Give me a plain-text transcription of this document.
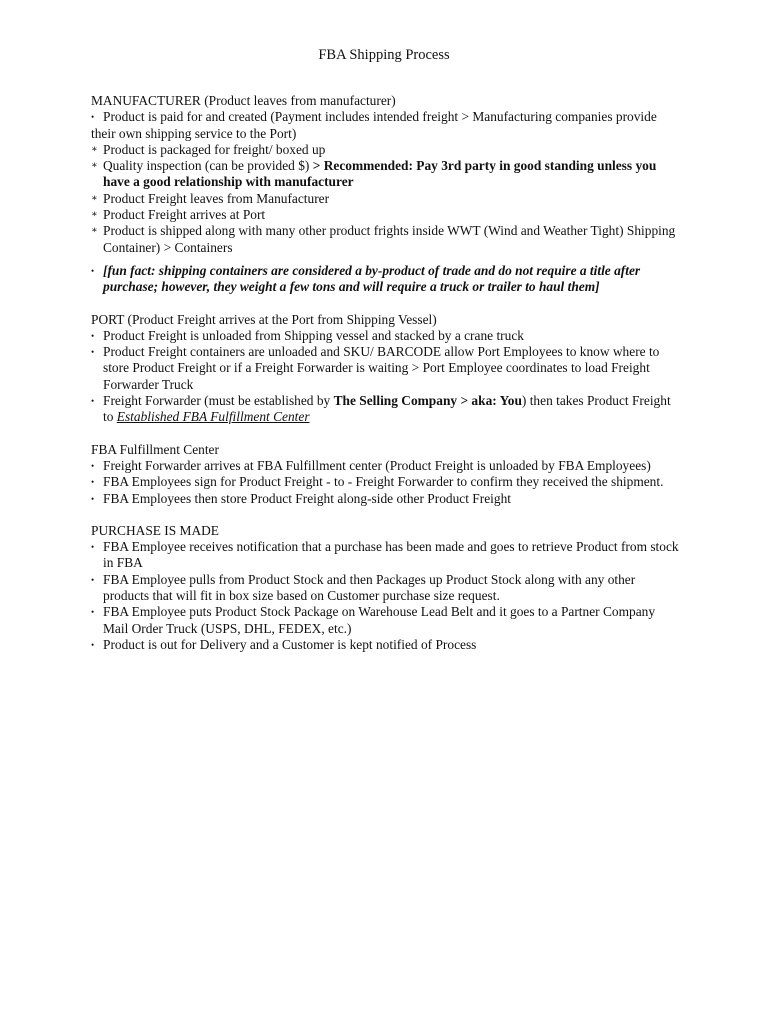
FBA Shipping Process

MANUFACTURER (Product leaves from manufacturer)

• Product is paid for and created (Payment includes intended freight > Manufacturing companies provide

their own shipping service to the Port)

∗ Product is packaged for freight/ boxed up
∗ Quality inspection (can be provided $) > Recommended: Pay 3rd party in good standing unless you have a good relationship with manufacturer
∗ Product Freight leaves from Manufacturer
∗ Product Freight arrives at Port
∗ Product is shipped along with many other product frights inside WWT (Wind and Weather Tight) Shipping Container) > Containers
• [fun fact: shipping containers are considered a by-product of trade and do not require a title after purchase; however, they weight a few tons and will require a truck or trailer to haul them]

PORT (Product Freight arrives at the Port from Shipping Vessel)

• Product Freight is unloaded from Shipping vessel and stacked by a crane truck
• Product Freight containers are unloaded and SKU/ BARCODE allow Port Employees to know where to store Product Freight or if a Freight Forwarder is waiting > Port Employee coordinates to load Freight Forwarder Truck
• Freight Forwarder (must be established by The Selling Company > aka: You) then takes Product Freight to Established FBA Fulfillment Center

FBA Fulfillment Center

• Freight Forwarder arrives at FBA Fulfillment center (Product Freight is unloaded by FBA Employees)
• FBA Employees sign for Product Freight - to - Freight Forwarder to confirm they received the shipment.
• FBA Employees then store Product Freight along-side other Product Freight

PURCHASE IS MADE

• FBA Employee receives notification that a purchase has been made and goes to retrieve Product from stock in FBA
• FBA Employee pulls from Product Stock and then Packages up Product Stock along with any other products that will fit in box size based on Customer purchase size request.
• FBA Employee puts Product Stock Package on Warehouse Lead Belt and it goes to a Partner Company Mail Order Truck (USPS, DHL, FEDEX, etc.)
• Product is out for Delivery and a Customer is kept notified of Process
